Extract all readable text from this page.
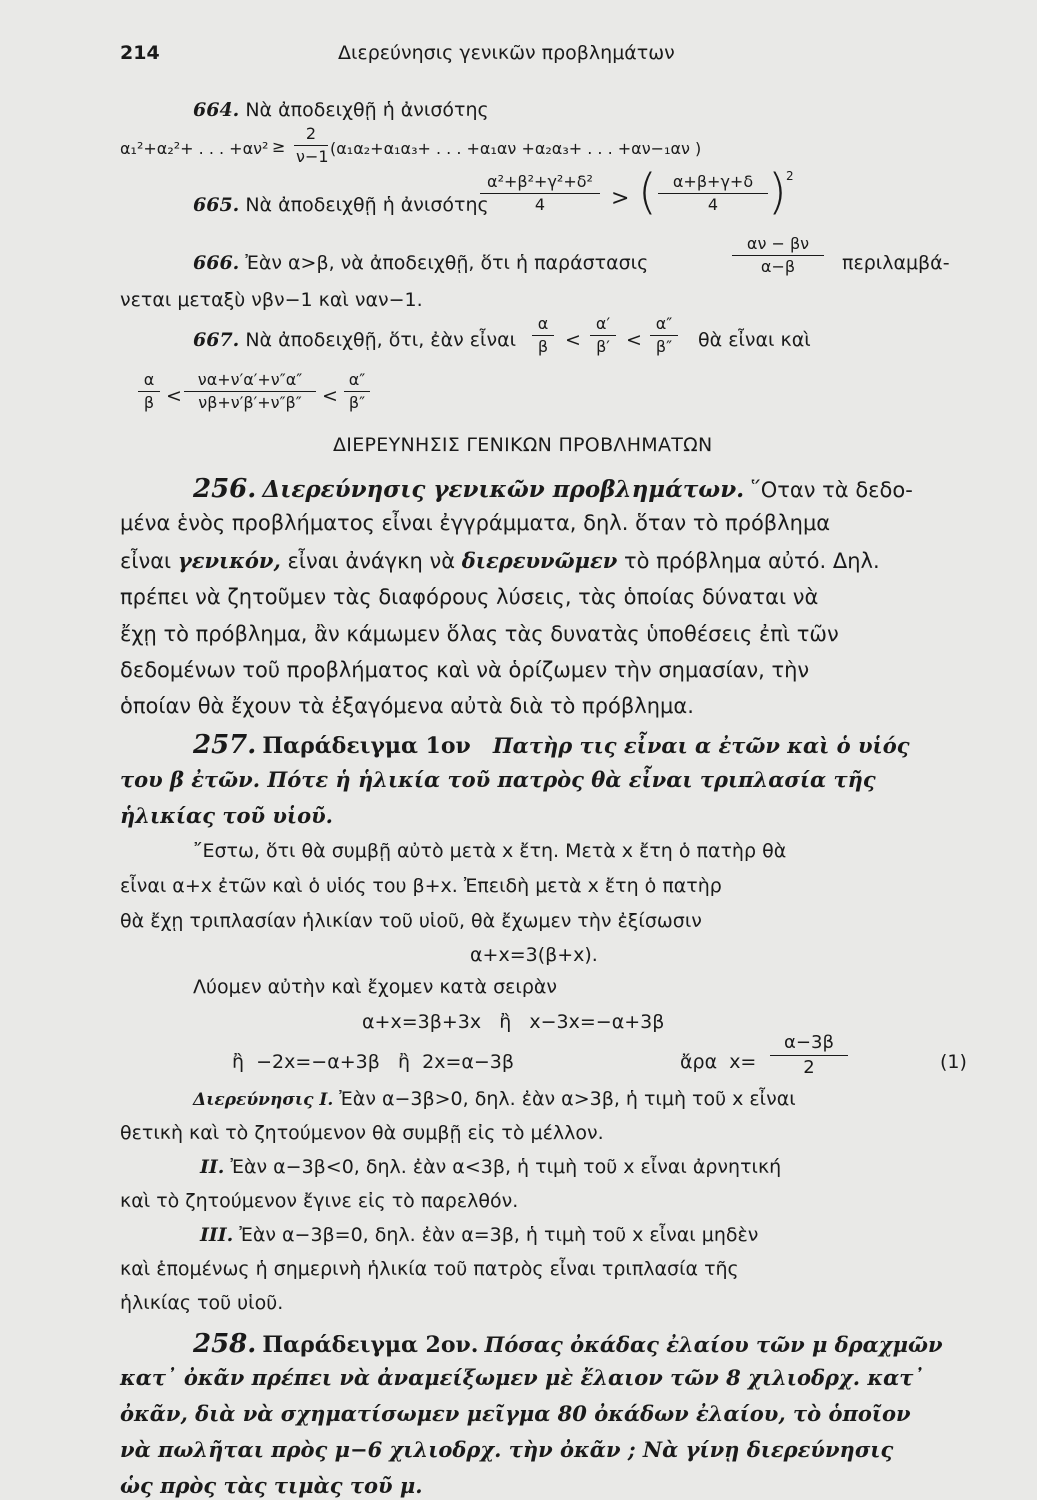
214	Διερεύνησις γενικῶν προβλημάτων
664. Νὰ ἀποδειχθῇ ἡ ἀνισότης
α₁²+α₂²+ . . . +αν² ≥
2
ν−1 (α₁α₂+α₁α₃+ . . . +α₁αν +α₂α₃+ . . . +αν−₁αν )
665. Νὰ ἀποδειχθῇ ἡ ἀνισότης
α²+β²+γ²+δ²
4	> (	α+β+γ+δ
4	) 2
666. Ἐὰν α>β, νὰ ἀποδειχθῇ, ὅτι ἡ παράστασις
αν − βν
α−β	περιλαμβά-
νεται μεταξὺ νβν−1 καὶ ναν−1.
667. Νὰ ἀποδειχθῇ, ὅτι, ἐὰν εἶναι
α
β <
α′
β′ <
α″
β″	θὰ εἶναι καὶ
α
β <
να+ν′α′+ν″α″
νβ+ν′β′+ν″β″	<
α″
β″
ΔΙΕΡΕΥΝΗΣΙΣ ΓΕΝΙΚΩΝ ΠΡΟΒΛΗΜΑΤΩΝ
256. Διερεύνησις γενικῶν προβλημάτων. ῞Οταν τὰ δεδο-
μένα ἑνὸς προβλήματος εἶναι ἐγγράμματα, δηλ. ὅταν τὸ πρόβλημα
εἶναι γενικόν, εἶναι ἀνάγκη νὰ διερευνῶμεν τὸ πρόβλημα αὐτό. Δηλ.
πρέπει νὰ ζητοῦμεν τὰς διαφόρους λύσεις, τὰς ὁποίας δύναται νὰ
ἔχῃ τὸ πρόβλημα, ἂν κάμωμεν ὅλας τὰς δυνατὰς ὑποθέσεις ἐπὶ τῶν
δεδομένων τοῦ προβλήματος καὶ νὰ ὁρίζωμεν τὴν σημασίαν, τὴν
ὁποίαν θὰ ἔχουν τὰ ἐξαγόμενα αὐτὰ διὰ τὸ πρόβλημα.
257. Παράδειγμα 1ον Πατὴρ τις εἶναι α ἐτῶν καὶ ὁ υἱός
του β ἐτῶν. Πότε ἡ ἡλικία τοῦ πατρὸς θὰ εἶναι τριπλασία τῆς
ἡλικίας τοῦ υἱοῦ.
῎Εστω, ὅτι θὰ συμβῇ αὐτὸ μετὰ x ἔτη. Μετὰ x ἔτη ὁ πατὴρ θὰ
εἶναι α+x ἐτῶν καὶ ὁ υἱός του β+x. Ἐπειδὴ μετὰ x ἔτη ὁ πατὴρ
θὰ ἔχῃ τριπλασίαν ἡλικίαν τοῦ υἱοῦ, θὰ ἔχωμεν τὴν ἐξίσωσιν
α+x=3(β+x).
Λύομεν αὐτὴν καὶ ἔχομεν κατὰ σειρὰν
α+x=3β+3x   ἢ   x−3x=−α+3β
ἢ  −2x=−α+3β   ἢ  2x=α−3β	ἄρα  x=
α−3β
2	(1)
Διερεύνησις I. Ἐὰν α−3β>0, δηλ. ἐὰν α>3β, ἡ τιμὴ τοῦ x εἶναι
θετικὴ καὶ τὸ ζητούμενον θὰ συμβῇ εἰς τὸ μέλλον.
II. Ἐὰν α−3β<0, δηλ. ἐὰν α<3β, ἡ τιμὴ τοῦ x εἶναι ἀρνητική
καὶ τὸ ζητούμενον ἔγινε εἰς τὸ παρελθόν.
III. Ἐὰν α−3β=0, δηλ. ἐὰν α=3β, ἡ τιμὴ τοῦ x εἶναι μηδὲν
καὶ ἑπομένως ἡ σημερινὴ ἡλικία τοῦ πατρὸς εἶναι τριπλασία τῆς
ἡλικίας τοῦ υἱοῦ.
258. Παράδειγμα 2ον. Πόσας ὀκάδας ἐλαίου τῶν μ δραχμῶν
κατ᾽ ὀκᾶν πρέπει νὰ ἀναμείξωμεν μὲ ἔλαιον τῶν 8 χιλιοδρχ. κατ᾽
ὀκᾶν, διὰ νὰ σχηματίσωμεν μεῖγμα 80 ὀκάδων ἐλαίου, τὸ ὁποῖον
νὰ πωλῆται πρὸς μ−6 χιλιοδρχ. τὴν ὀκᾶν ; Νὰ γίνῃ διερεύνησις
ὡς πρὸς τὰς τιμὰς τοῦ μ.
